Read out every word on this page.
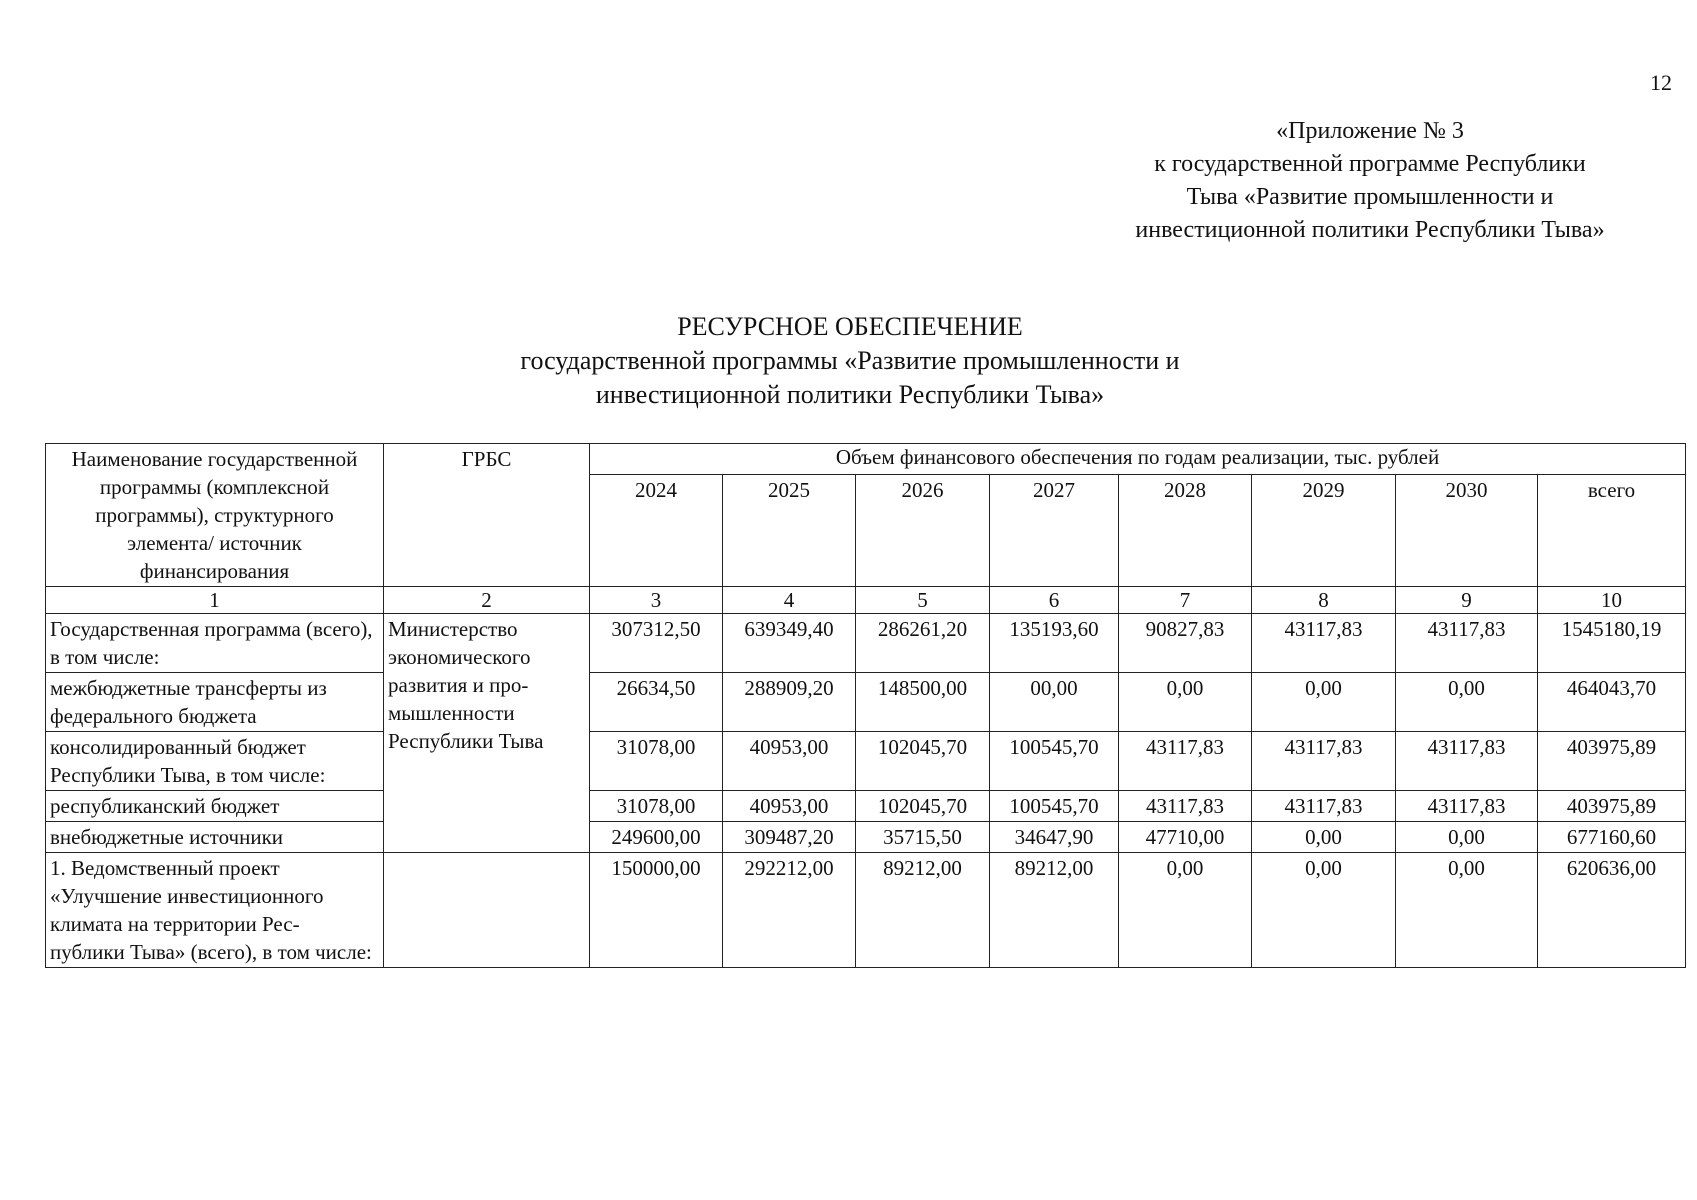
12
«Приложение № 3
к государственной программе Республики
Тыва «Развитие промышленности и
инвестиционной политики Республики Тыва»
РЕСУРСНОЕ ОБЕСПЕЧЕНИЕ
государственной программы «Развитие промышленности и
инвестиционной политики Республики Тыва»
Наименование государственной программы (комплексной программы), структурного элемента/ источник финансирования	ГРБС	Объем финансового обеспечения по годам реализации, тыс. рублей							
		2024	2025	2026	2027	2028	2029	2030	всего
1	2	3	4	5	6	7	8	9	10
Государственная программа (всего), в том числе:	Министерство экономического развития и про- мышленности Республики Тыва	307312,50	639349,40	286261,20	135193,60	90827,83	43117,83	43117,83	1545180,19
межбюджетные трансферты из федерального бюджета		26634,50	288909,20	148500,00	00,00	0,00	0,00	0,00	464043,70
консолидированный бюджет Республики Тыва, в том числе:		31078,00	40953,00	102045,70	100545,70	43117,83	43117,83	43117,83	403975,89
республиканский бюджет		31078,00	40953,00	102045,70	100545,70	43117,83	43117,83	43117,83	403975,89
внебюджетные источники		249600,00	309487,20	35715,50	34647,90	47710,00	0,00	0,00	677160,60
1. Ведомственный проект «Улучшение инвестиционного климата на территории Рес- публики Тыва» (всего), в том числе:		150000,00	292212,00	89212,00	89212,00	0,00	0,00	0,00	620636,00
